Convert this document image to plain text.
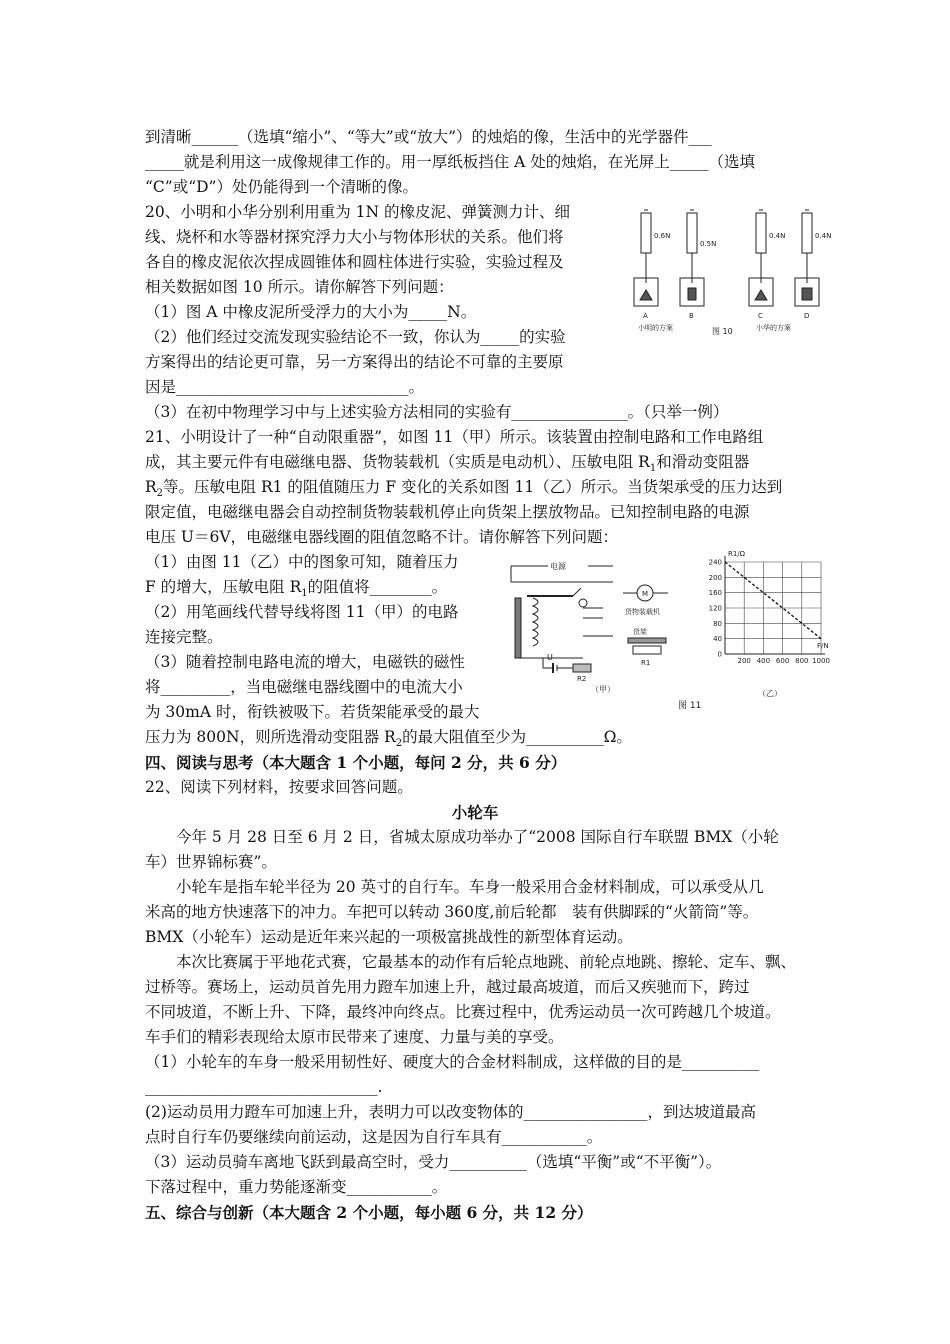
到清晰______（选填“缩小”、“等大”或“放大”）的烛焰的像，生活中的光学器件___
_____就是利用这一成像规律工作的。用一厚纸板挡住 A 处的烛焰，在光屏上_____（选填
“C”或“D”）处仍能得到一个清晰的像。
20、小明和小华分别利用重为 1N 的橡皮泥、弹簧测力计、细
线、烧杯和水等器材探究浮力大小与物体形状的关系。他们将
各自的橡皮泥依次捏成圆锥体和圆柱体进行实验，实验过程及
相关数据如图 10 所示。请你解答下列问题：
（1）图 A 中橡皮泥所受浮力的大小为_____N。
（2）他们经过交流发现实验结论不一致，你认为_____的实验
方案得出的结论更可靠，另一方案得出的结论不可靠的主要原
因是______________________________。
（3）在初中物理学习中与上述实验方法相同的实验有_______________。（只举一例）
21、小明设计了一种“自动限重器”，如图 11（甲）所示。该装置由控制电路和工作电路组
成，其主要元件有电磁继电器、货物装载机（实质是电动机）、压敏电阻 $R_1$和滑动变阻器
$R_2$等。压敏电阻 R1 的阻值随压力 F 变化的关系如图 11（乙）所示。当货架承受的压力达到
限定值，电磁继电器会自动控制货物装载机停止向货架上摆放物品。已知控制电路的电源
电压 U＝6V，电磁继电器线圈的阻值忽略不计。请你解答下列问题：
（1）由图 11（乙）中的图象可知，随着压力
F 的增大，压敏电阻 $R_1$的阻值将________。
（2）用笔画线代替导线将图 11（甲）的电路
连接完整。
（3）随着控制电路电流的增大，电磁铁的磁性
将_________，当电磁继电器线圈中的电流大小
为 30mA 时，衔铁被吸下。若货架能承受的最大
压力为 800N，则所选滑动变阻器 $R_2$的最大阻值至少为__________Ω。
四、阅读与思考（本大题含 1 个小题，每问 2 分，共 6 分）
22、阅读下列材料，按要求回答问题。
小轮车
今年 5 月 28 日至 6 月 2 日，省城太原成功举办了“2008 国际自行车联盟 BMX（小轮
车）世界锦标赛”。
小轮车是指车轮半径为 20 英寸的自行车。车身一般采用合金材料制成，可以承受从几
米高的地方快速落下的冲力。车把可以转动 360度,前后轮都　装有供脚踩的“火箭筒”等。
BMX（小轮车）运动是近年来兴起的一项极富挑战性的新型体育运动。
本次比赛属于平地花式赛，它最基本的动作有后轮点地跳、前轮点地跳、擦轮、定车、飘、
过桥等。赛场上，运动员首先用力蹬车加速上升，越过最高坡道，而后又疾驰而下，跨过
不同坡道，不断上升、下降，最终冲向终点。比赛过程中，优秀运动员一次可跨越几个坡道。
车手们的精彩表现给太原市民带来了速度、力量与美的享受。
（1）小轮车的车身一般采用韧性好、硬度大的合金材料制成，这样做的目的是__________
______________________________.
(2)运动员用力蹬车可加速上升，表明力可以改变物体的________________，到达坡道最高
点时自行车仍要继续向前运动，这是因为自行车具有___________。
（3）运动员骑车离地飞跃到最高空时，受力__________（选填“平衡”或“不平衡”）。
下落过程中，重力势能逐渐变___________。
五、综合与创新（本大题含 2 个小题，每小题 6 分，共 12 分）
0.6N
0.5N
0.4N	0.4N
A	B	C	D
小明的方案	图 10	小华的方案
电源
M
货物装载机
货架
R1
U
R2
（甲）
图 11
（乙）
240
200
160
120
80
40
0
200 400 600 800 1000
R1/Ω
F/N
